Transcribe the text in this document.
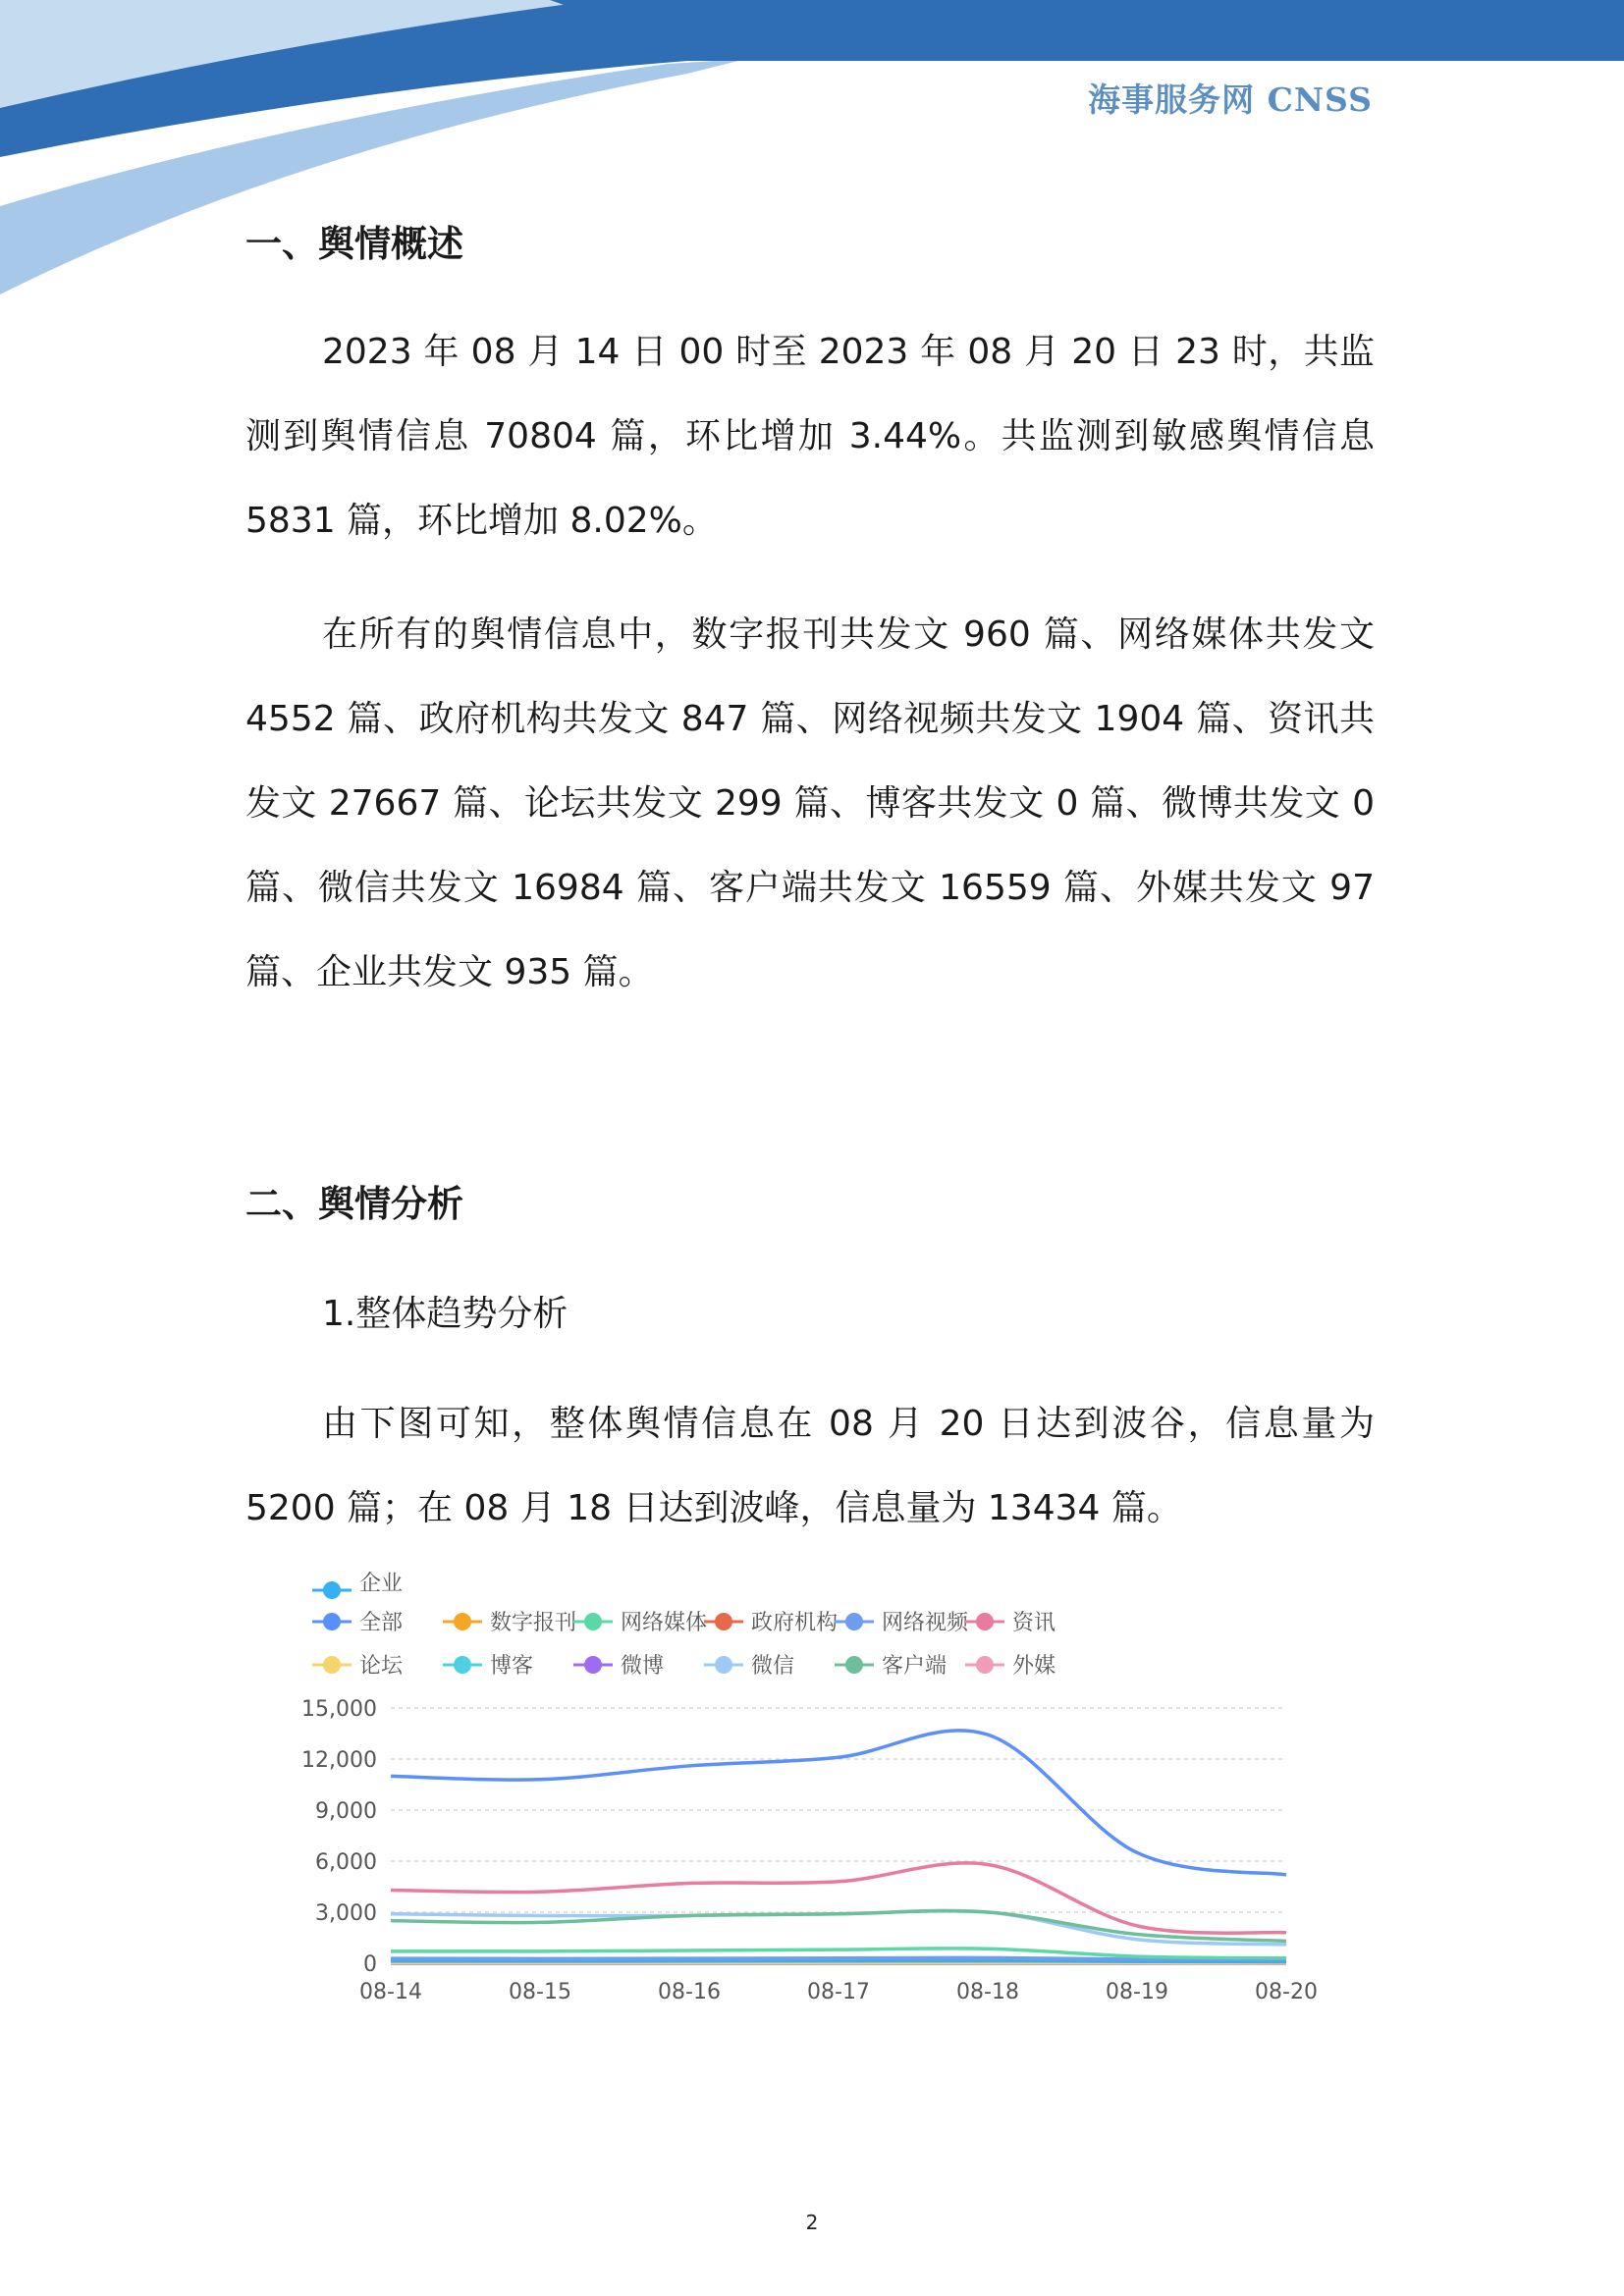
海事服务网 CNSS
一、舆情概述

2023 年 08 月 14 日 00 时至 2023 年 08 月 20 日 23 时，共监测到舆情信息 70804 篇，环比增加 3.44%。共监测到敏感舆情信息 5831 篇，环比增加 8.02%。

在所有的舆情信息中，数字报刊共发文 960 篇、网络媒体共发文 4552 篇、政府机构共发文 847 篇、网络视频共发文 1904 篇、资讯共发文 27667 篇、论坛共发文 299 篇、博客共发文 0 篇、微博共发文 0 篇、微信共发文 16984 篇、客户端共发文 16559 篇、外媒共发文 97 篇、企业共发文 935 篇。

二、舆情分析

1.整体趋势分析

由下图可知，整体舆情信息在 08 月 20 日达到波谷，信息量为 5200 篇；在 08 月 18 日达到波峰，信息量为 13434 篇。

全部	数字报刊 网络媒体 政府机构 网络视频 资讯
论坛	博客	微博	微信	客户端	外媒
企业
0
3,000
6,000
9,000
12,000
15,000
08-14	08-15	08-16	08-17	08-18	08-19	08-20
2
